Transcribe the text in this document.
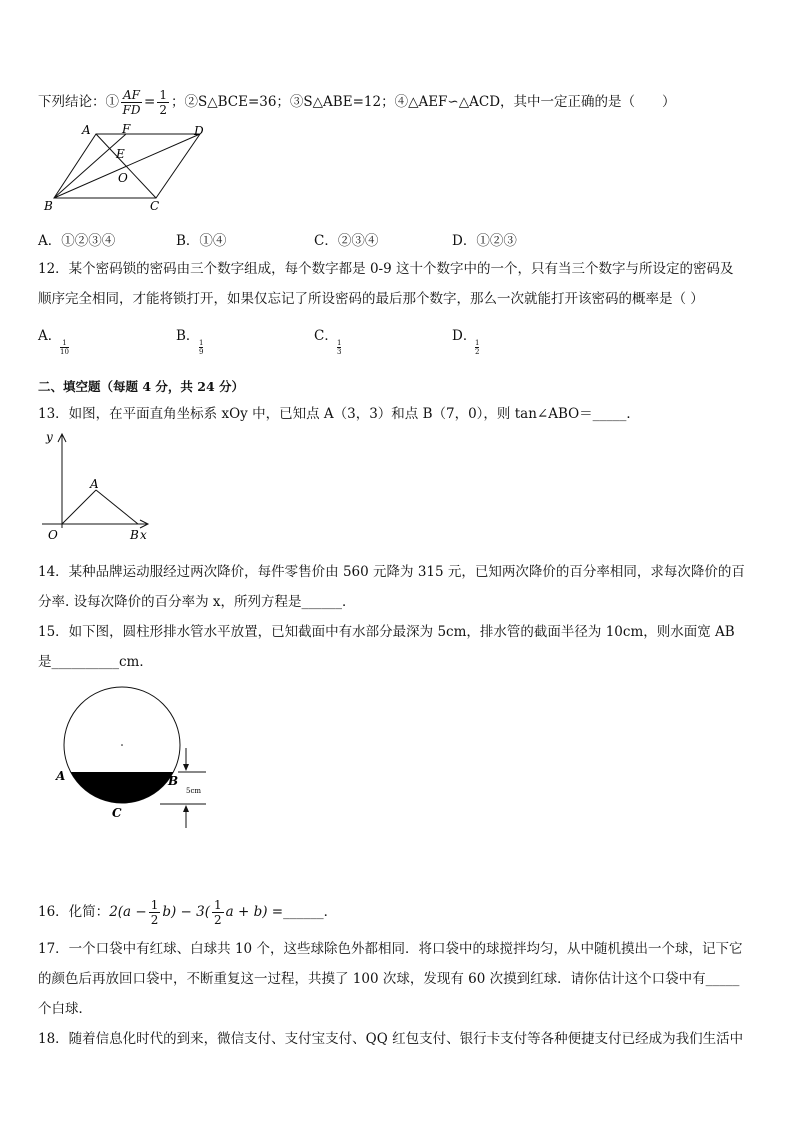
下列结论：① $\frac{AF}{FD} = \frac{1}{2}$ ；②S△BCE=36；③S△ABE=12；④△AEF∽△ACD，其中一定正确的是（　　）
A	F	D
E
O
B	C
A．①②③④	B．①④	C．②③④	D．①②③
12．某个密码锁的密码由三个数字组成，每个数字都是 0-9 这十个数字中的一个，只有当三个数字与所设定的密码及
顺序完全相同，才能将锁打开，如果仅忘记了所设密码的最后那个数字，那么一次就能打开该密码的概率是（ ）
A．
$\frac{1}{10}$
B．
$\frac{1}{9}$
C．
$\frac{1}{3}$
D．
$\frac{1}{2}$
二、填空题（每题 4 分，共 24 分）
13．如图，在平面直角坐标系 xOy 中，已知点 A（3，3）和点 B（7，0），则 tan∠ABO＝_____．
y
A
O	B x
14．某种品牌运动服经过两次降价，每件零售价由 560 元降为 315 元，已知两次降价的百分率相同，求每次降价的百
分率. 设每次降价的百分率为 x，所列方程是______．
15．如下图，圆柱形排水管水平放置，已知截面中有水部分最深为 5cm，排水管的截面半径为 10cm，则水面宽 AB
是__________cm．
A	B
C
5cm
16．化简：$2(a - \frac{1}{2} b) - 3( \frac{1}{2}$ a + b) =______．
17．一个口袋中有红球、白球共 10 个，这些球除色外都相同．将口袋中的球搅拌均匀，从中随机摸出一个球，记下它
的颜色后再放回口袋中，不断重复这一过程，共摸了 100 次球，发现有 60 次摸到红球．请你估计这个口袋中有_____
个白球．
18．随着信息化时代的到来，微信支付、支付宝支付、QQ 红包支付、银行卡支付等各种便捷支付已经成为我们生活中
